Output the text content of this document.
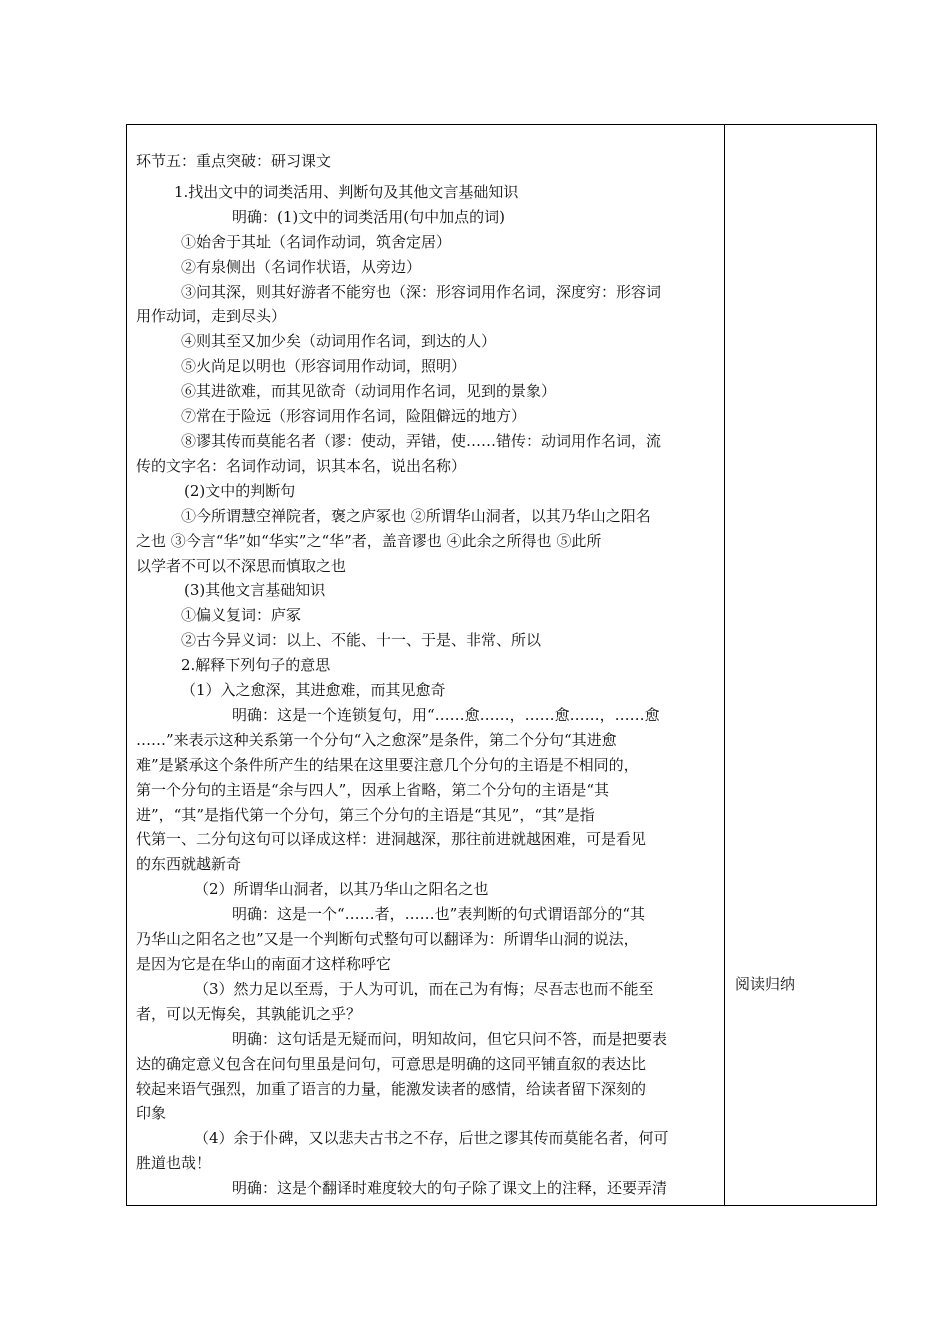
环节五：重点突破：研习课文

1.找出文中的词类活用、判断句及其他文言基础知识

明确：(1)文中的词类活用(句中加点的词)

①始舍于其址（名词作动词，筑舍定居）

②有泉侧出（名词作状语，从旁边）

③问其深，则其好游者不能穷也（深：形容词用作名词，深度穷：形容词

用作动词，走到尽头）

④则其至又加少矣（动词用作名词，到达的人）

⑤火尚足以明也（形容词用作动词，照明）

⑥其进欲难，而其见欲奇（动词用作名词，见到的景象）

⑦常在于险远（形容词用作名词，险阻僻远的地方）

⑧谬其传而莫能名者（谬：使动，弄错，使……错传：动词用作名词，流

传的文字名：名词作动词，识其本名，说出名称）

(2)文中的判断句

①今所谓慧空禅院者，褒之庐冢也 ②所谓华山洞者，以其乃华山之阳名

之也 ③今言“华”如“华实”之“华”者，盖音谬也 ④此余之所得也 ⑤此所

以学者不可以不深思而慎取之也

(3)其他文言基础知识

①偏义复词：庐冢

②古今异义词：以上、不能、十一、于是、非常、所以

2.解释下列句子的意思

（1）入之愈深，其进愈难，而其见愈奇

明确：这是一个连锁复句，用“……愈……，……愈……，……愈

……”来表示这种关系第一个分句“入之愈深”是条件，第二个分句“其进愈

难”是紧承这个条件所产生的结果在这里要注意几个分句的主语是不相同的，

第一个分句的主语是“余与四人”，因承上省略，第二个分句的主语是“其

进”，“其”是指代第一个分句，第三个分句的主语是“其见”，“其”是指

代第一、二分句这句可以译成这样：进洞越深，那往前进就越困难，可是看见

的东西就越新奇

（2）所谓华山洞者，以其乃华山之阳名之也

明确：这是一个“……者，……也”表判断的句式谓语部分的“其

乃华山之阳名之也”又是一个判断句式整句可以翻译为：所谓华山洞的说法，

是因为它是在华山的南面才这样称呼它

（3）然力足以至焉，于人为可讥，而在己为有悔；尽吾志也而不能至

者，可以无悔矣，其孰能讥之乎？

明确：这句话是无疑而问，明知故问，但它只问不答，而是把要表

达的确定意义包含在问句里虽是问句，可意思是明确的这同平铺直叙的表达比

较起来语气强烈，加重了语言的力量，能激发读者的感情，给读者留下深刻的

印象

（4）余于仆碑，又以悲夫古书之不存，后世之谬其传而莫能名者，何可

胜道也哉！

明确：这是个翻译时难度较大的句子除了课文上的注释，还要弄清

阅读归纳
